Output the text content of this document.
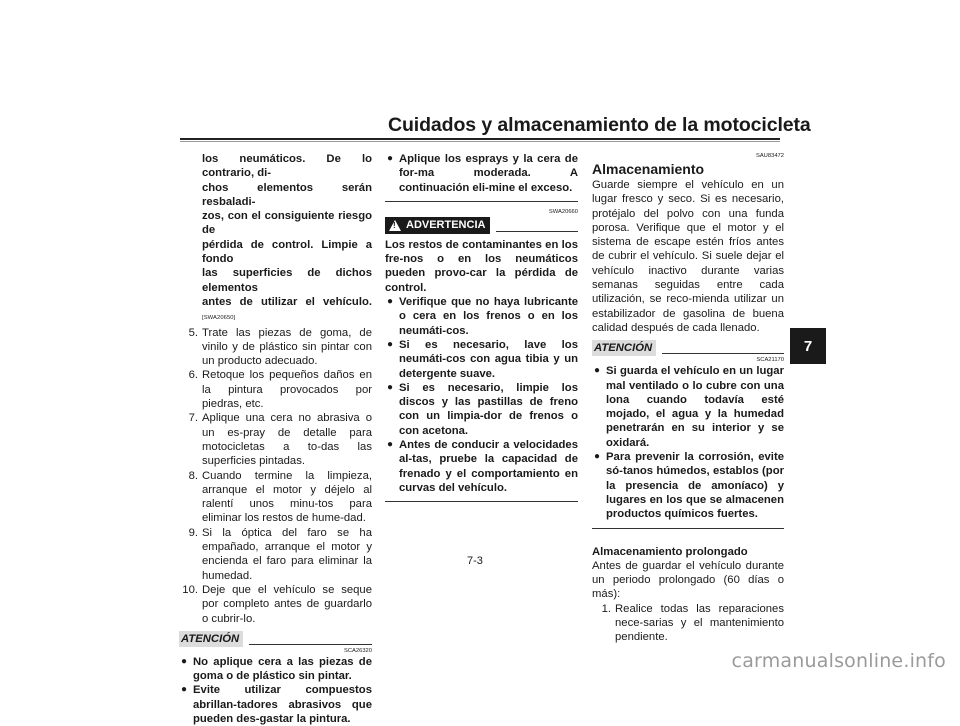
Cuidados y almacenamiento de la motocicleta
7
los neumáticos. De lo contrario, di-
chos elementos serán resbaladi-
zos, con el consiguiente riesgo de
pérdida de control. Limpie a fondo
las superficies de dichos elementos
antes de utilizar el vehículo.[SWA20650]
5. Trate las piezas de goma, de vinilo y de plástico sin pintar con un producto adecuado.
6. Retoque los pequeños daños en la pintura provocados por piedras, etc.
7. Aplique una cera no abrasiva o un es-pray de detalle para motocicletas a to-das las superficies pintadas.
8. Cuando termine la limpieza, arranque el motor y déjelo al ralentí unos minu-tos para eliminar los restos de hume-dad.
9. Si la óptica del faro se ha empañado, arranque el motor y encienda el faro para eliminar la humedad.
10. Deje que el vehículo se seque por completo antes de guardarlo o cubrir-lo.
ATENCIÓN
SCA26320
● No aplique cera a las piezas de goma o de plástico sin pintar.
● Evite utilizar compuestos abrillan-tadores abrasivos que pueden des-gastar la pintura.
● Aplique los esprays y la cera de for-ma moderada. A continuación eli-mine el exceso.
SWA20660
! ADVERTENCIA
Los restos de contaminantes en los fre-nos o en los neumáticos pueden provo-car la pérdida de control.
● Verifique que no haya lubricante o cera en los frenos o en los neumáti-cos.
● Si es necesario, lave los neumáti-cos con agua tibia y un detergente suave.
● Si es necesario, limpie los discos y las pastillas de freno con un limpia-dor de frenos o con acetona.
● Antes de conducir a velocidades al-tas, pruebe la capacidad de frenado y el comportamiento en curvas del vehículo.
SAU83472
Almacenamiento
Guarde siempre el vehículo en un lugar fresco y seco. Si es necesario, protéjalo del polvo con una funda porosa. Verifique que el motor y el sistema de escape estén fríos antes de cubrir el vehículo. Si suele dejar el vehículo inactivo durante varias semanas seguidas entre cada utilización, se reco-mienda utilizar un estabilizador de gasolina de buena calidad después de cada llenado.
ATENCIÓN
SCA21170
● Si guarda el vehículo en un lugar mal ventilado o lo cubre con una lona cuando todavía esté mojado, el agua y la humedad penetrarán en su interior y se oxidará.
● Para prevenir la corrosión, evite só-tanos húmedos, establos (por la presencia de amoníaco) y lugares en los que se almacenen productos químicos fuertes.
Almacenamiento prolongado
Antes de guardar el vehículo durante un periodo prolongado (60 días o más):
1. Realice todas las reparaciones nece-sarias y el mantenimiento pendiente.
7-3
carmanualsonline.info
